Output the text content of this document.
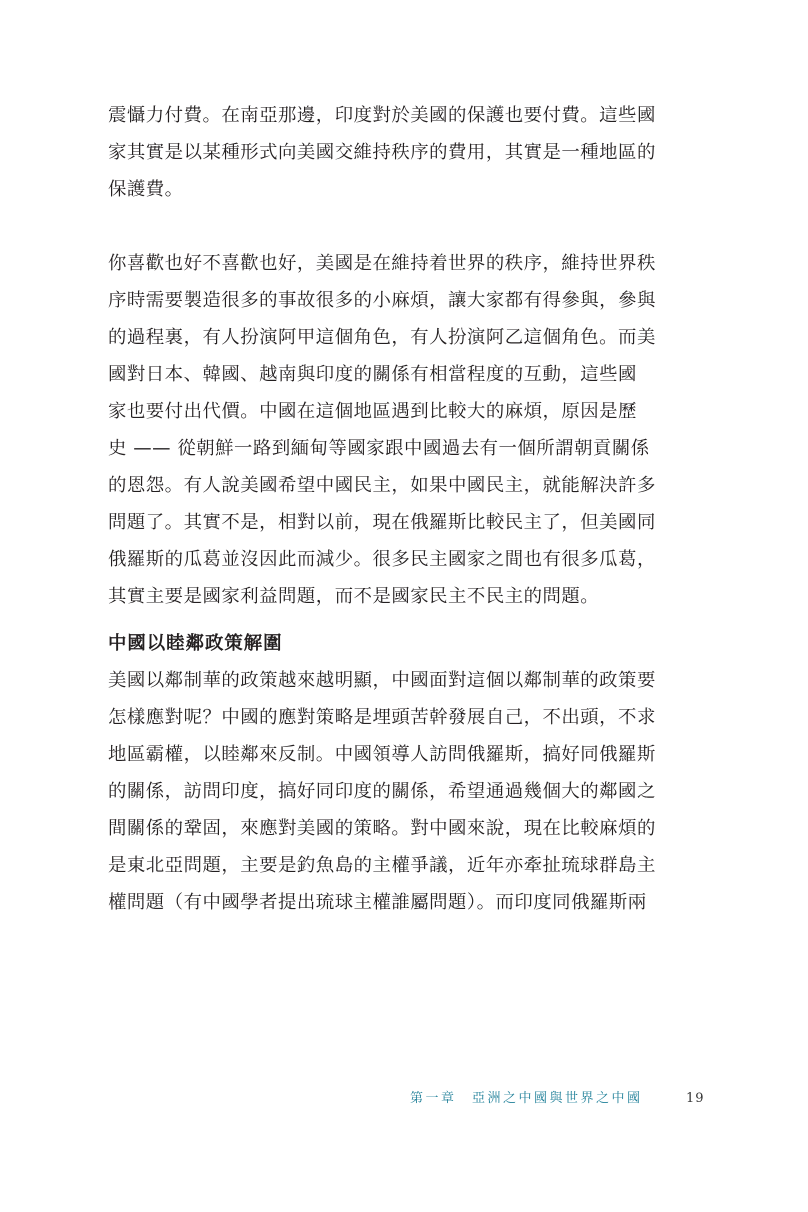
震懾力付費。在南亞那邊，印度對於美國的保護也要付費。這些國
家其實是以某種形式向美國交維持秩序的費用，其實是一種地區的
保護費。
你喜歡也好不喜歡也好，美國是在維持着世界的秩序，維持世界秩
序時需要製造很多的事故很多的小麻煩，讓大家都有得參與，參與
的過程裏，有人扮演阿甲這個角色，有人扮演阿乙這個角色。而美
國對日本、韓國、越南與印度的關係有相當程度的互動，這些國
家也要付出代價。中國在這個地區遇到比較大的麻煩，原因是歷
史 —— 從朝鮮一路到緬甸等國家跟中國過去有一個所謂朝貢關係
的恩怨。有人說美國希望中國民主，如果中國民主，就能解決許多
問題了。其實不是，相對以前，現在俄羅斯比較民主了，但美國同
俄羅斯的瓜葛並沒因此而減少。很多民主國家之間也有很多瓜葛，
其實主要是國家利益問題，而不是國家民主不民主的問題。
中國以睦鄰政策解圍
美國以鄰制華的政策越來越明顯，中國面對這個以鄰制華的政策要
怎樣應對呢？中國的應對策略是埋頭苦幹發展自己，不出頭，不求
地區霸權，以睦鄰來反制。中國領導人訪問俄羅斯，搞好同俄羅斯
的關係，訪問印度，搞好同印度的關係，希望通過幾個大的鄰國之
間關係的鞏固，來應對美國的策略。對中國來說，現在比較麻煩的
是東北亞問題，主要是釣魚島的主權爭議，近年亦牽扯琉球群島主
權問題（有中國學者提出琉球主權誰屬問題）。而印度同俄羅斯兩
第一章　亞洲之中國與世界之中國	19
